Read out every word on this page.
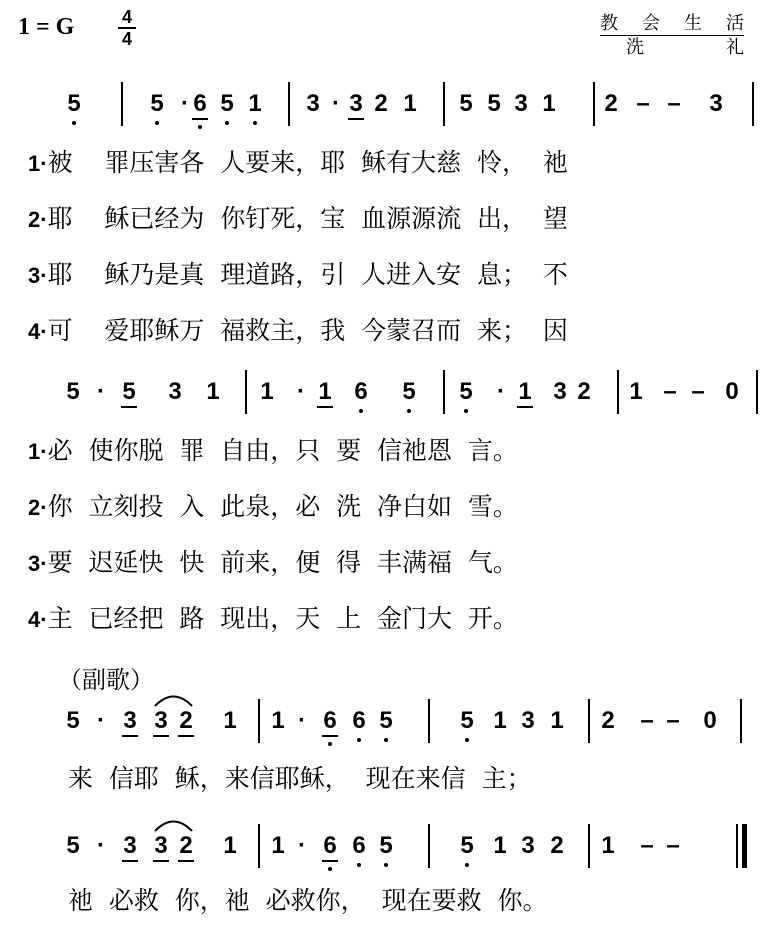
1 = G	4
4
教 会 生 活
洗	礼
5	5 · 6 5 1 3 · 3 2 1 5 5 3 1 2 – – 3
5 · 5 3 1 1 · 1 6 5 5 · 1 3 2 1 – – 0
5 · 3 3 2 1 1 · 6 6 5	5 1 3 1 2 – – 0
5 · 3 3 2 1 1 · 6 6 5	5 1 3 2 1 – –
1·被    罪压害各  人要来，耶  稣有大慈  怜，  祂
2·耶    稣已经为  你钉死，宝  血源源流  出，  望
3·耶    稣乃是真  理道路，引  人进入安  息；  不
4·可    爱耶稣万  福救主，我  今蒙召而  来；  因
1·必  使你脱  罪  自由，只  要  信祂恩  言。
2·你  立刻投  入  此泉，必  洗  净白如  雪。
3·要  迟延快  快  前来，便  得  丰满福  气。
4·主  已经把  路  现出，天  上  金门大  开。
（副歌）
来  信耶  稣，来信耶稣，  现在来信  主；
祂  必救  你，祂  必救你，  现在要救  你。
